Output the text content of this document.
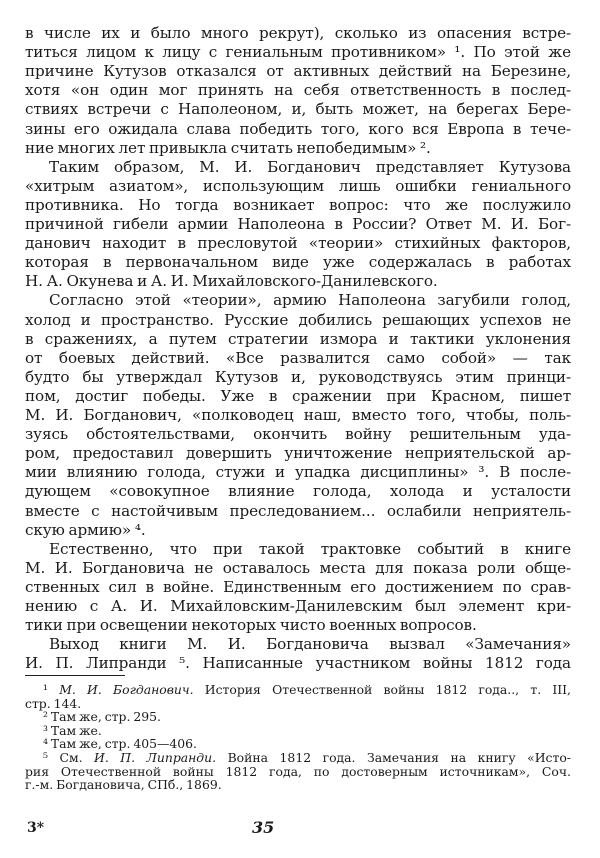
в числе их и было много рекрут), сколько из опасения встре-
титься лицом к лицу с гениальным противником» ¹. По этой же
причине Кутузов отказался от активных действий на Березине,
хотя «он один мог принять на себя ответственность в послед-
ствиях встречи с Наполеоном, и, быть может, на берегах Бере-
зины его ожидала слава победить того, кого вся Европа в тече-
ние многих лет привыкла считать непобедимым» ².
Таким образом, М. И. Богданович представляет Кутузова
«хитрым азиатом», использующим лишь ошибки гениального
противника. Но тогда возникает вопрос: что же послужило
причиной гибели армии Наполеона в России? Ответ М. И. Бог-
данович находит в пресловутой «теории» стихийных факторов,
которая в первоначальном виде уже содержалась в работах
Н. А. Окунева и А. И. Михайловского-Данилевского.
Согласно этой «теории», армию Наполеона загубили голод,
холод и пространство. Русские добились решающих успехов не
в сражениях, а путем стратегии измора и тактики уклонения
от боевых действий. «Все развалится само собой» — так
будто бы утверждал Кутузов и, руководствуясь этим принци-
пом, достиг победы. Уже в сражении при Красном, пишет
М. И. Богданович, «полководец наш, вместо того, чтобы, поль-
зуясь обстоятельствами, окончить войну решительным уда-
ром, предоставил довершить уничтожение неприятельской ар-
мии влиянию голода, стужи и упадка дисциплины» ³. В после-
дующем «совокупное влияние голода, холода и усталости
вместе с настойчивым преследованием... ослабили неприятель-
скую армию» ⁴.
Естественно, что при такой трактовке событий в книге
М. И. Богдановича не оставалось места для показа роли обще-
ственных сил в войне. Единственным его достижением по срав-
нению с А. И. Михайловским-Данилевским был элемент кри-
тики при освещении некоторых чисто военных вопросов.
Выход книги М. И. Богдановича вызвал «Замечания»
И. П. Липранди ⁵. Написанные участником войны 1812 года
¹ М. И. Богданович. История Отечественной войны 1812 года.., т. III,
стр. 144.
² Там же, стр. 295.
³ Там же.
⁴ Там же, стр. 405—406.
⁵ См. И. П. Липранди. Война 1812 года. Замечания на книгу «Исто-
рия Отечественной войны 1812 года, по достоверным источникам», Соч.
г.-м. Богдановича, СПб., 1869.
3*	35
